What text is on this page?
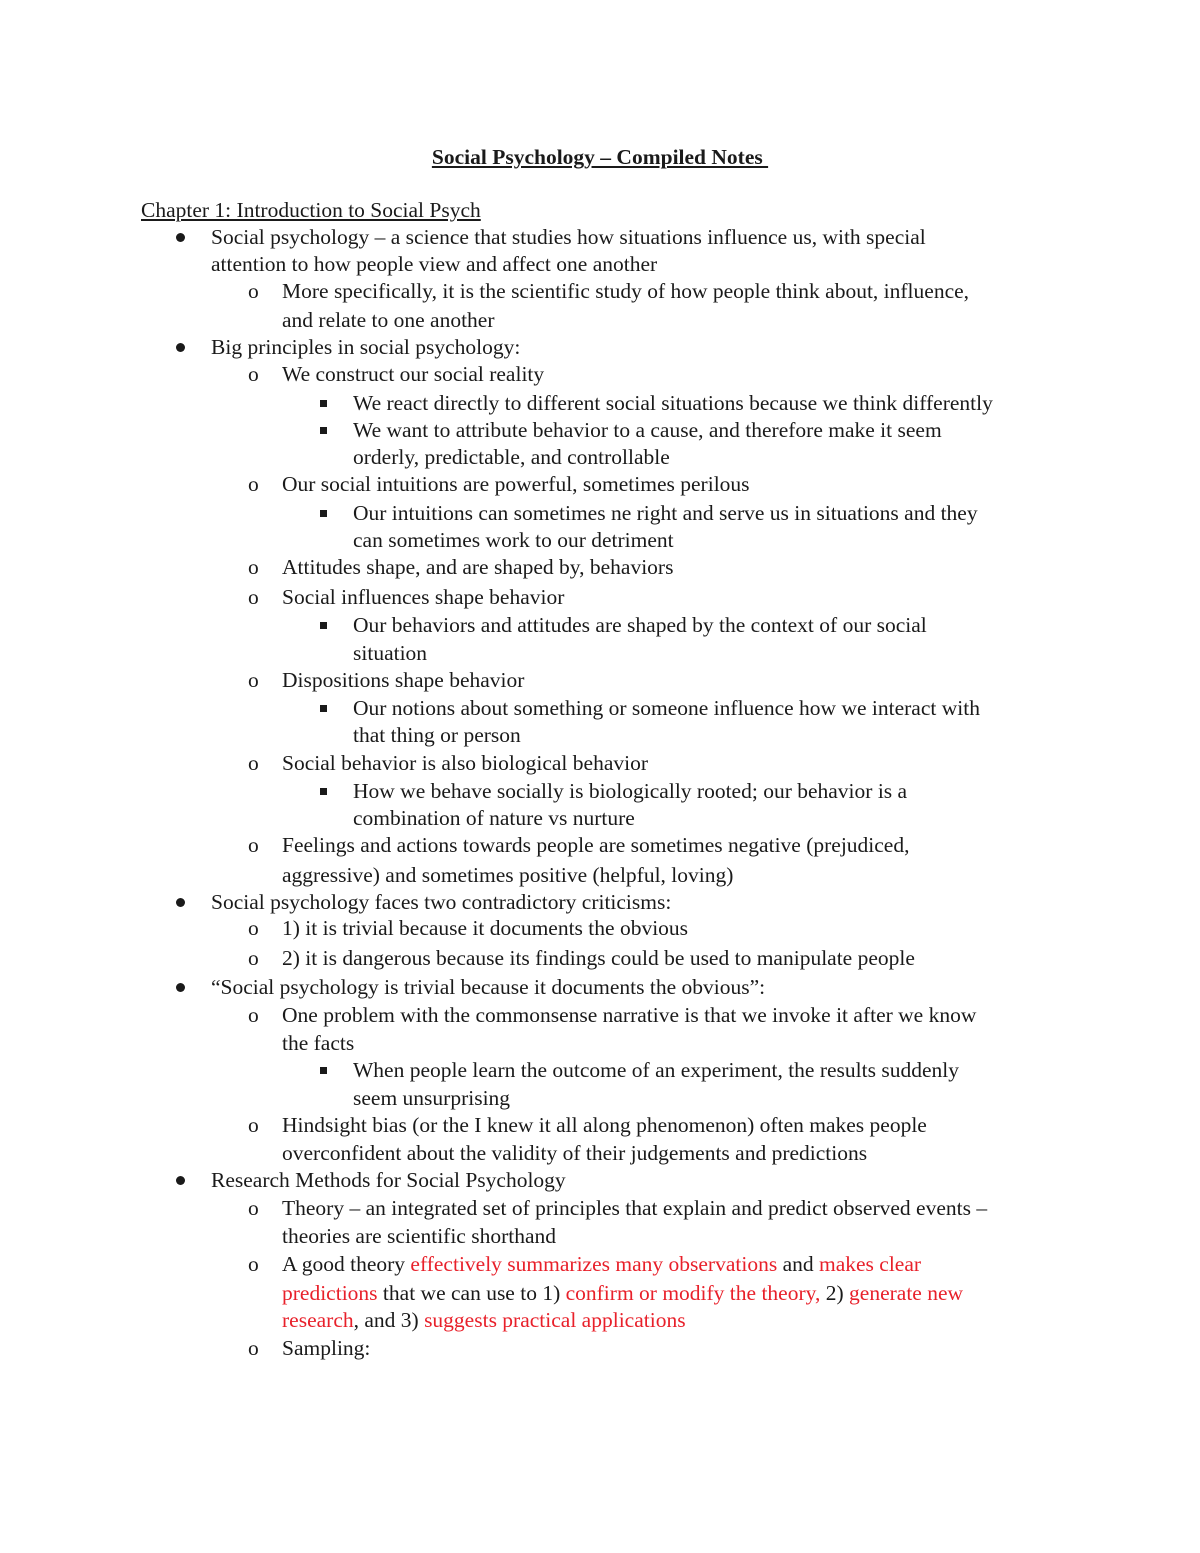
Social Psychology – Compiled Notes
Chapter 1: Introduction to Social Psych
Social psychology – a science that studies how situations influence us, with special
attention to how people view and affect one another
o More specifically, it is the scientific study of how people think about, influence,
and relate to one another
Big principles in social psychology:
o We construct our social reality
We react directly to different social situations because we think differently
We want to attribute behavior to a cause, and therefore make it seem
orderly, predictable, and controllable
o Our social intuitions are powerful, sometimes perilous
Our intuitions can sometimes ne right and serve us in situations and they
can sometimes work to our detriment
o Attitudes shape, and are shaped by, behaviors
o Social influences shape behavior
Our behaviors and attitudes are shaped by the context of our social
situation
o Dispositions shape behavior
Our notions about something or someone influence how we interact with
that thing or person
o Social behavior is also biological behavior
How we behave socially is biologically rooted; our behavior is a
combination of nature vs nurture
o Feelings and actions towards people are sometimes negative (prejudiced,
aggressive) and sometimes positive (helpful, loving)
Social psychology faces two contradictory criticisms:
o 1) it is trivial because it documents the obvious
o 2) it is dangerous because its findings could be used to manipulate people
“Social psychology is trivial because it documents the obvious”:
o One problem with the commonsense narrative is that we invoke it after we know
the facts
When people learn the outcome of an experiment, the results suddenly
seem unsurprising
o Hindsight bias (or the I knew it all along phenomenon) often makes people
overconfident about the validity of their judgements and predictions
Research Methods for Social Psychology
o Theory – an integrated set of principles that explain and predict observed events –
theories are scientific shorthand
o A good theory effectively summarizes many observations and makes clear
predictions that we can use to 1) confirm or modify the theory, 2) generate new
research, and 3) suggests practical applications
o Sampling:
